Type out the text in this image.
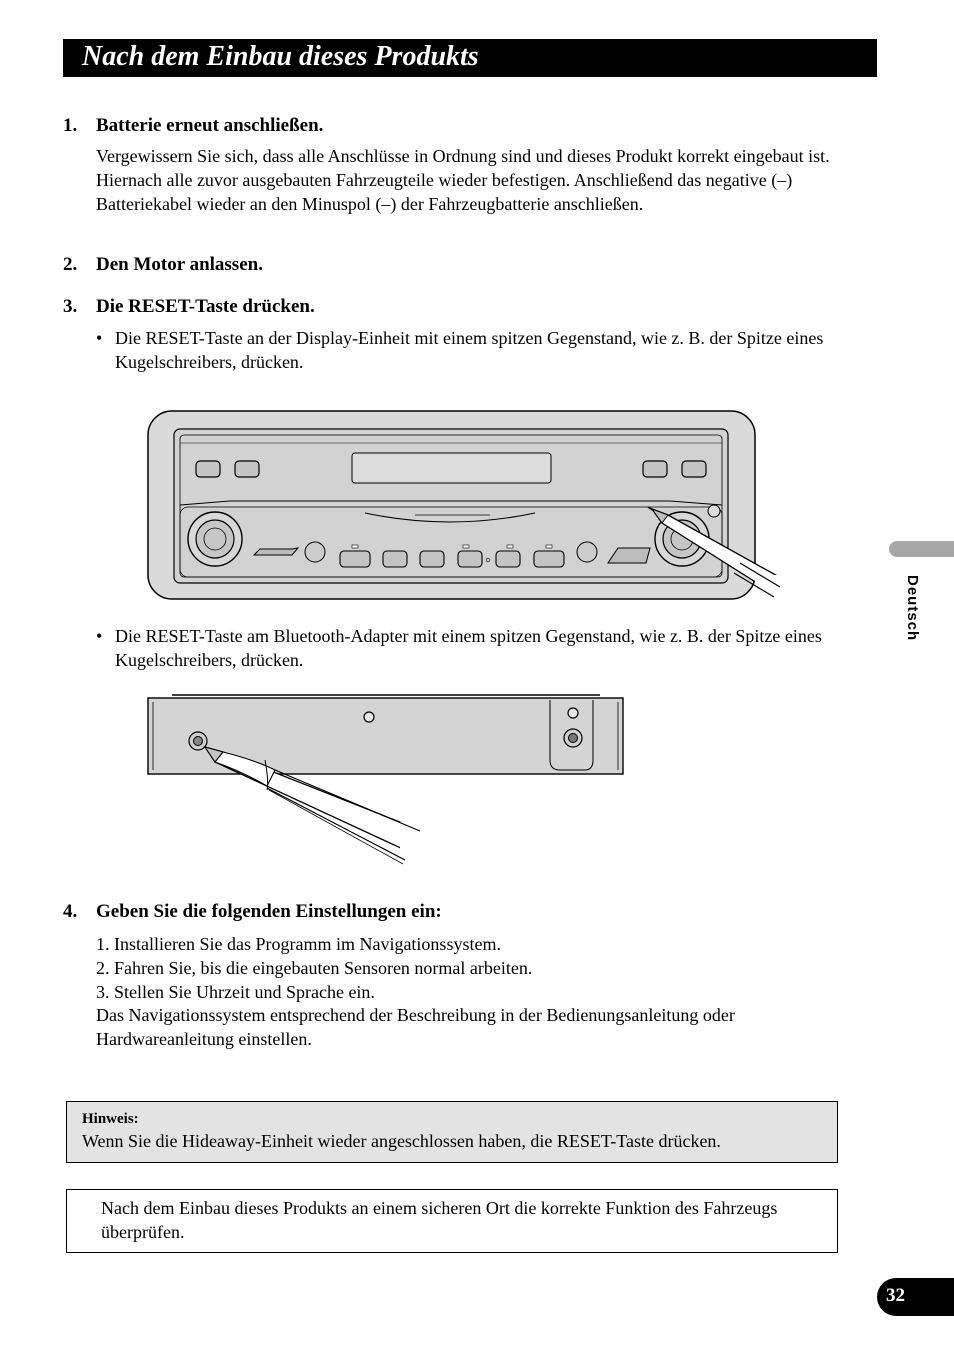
Nach dem Einbau dieses Produkts
1. Batterie erneut anschließen.
Vergewissern Sie sich, dass alle Anschlüsse in Ordnung sind und dieses Produkt korrekt eingebaut ist. Hiernach alle zuvor ausgebauten Fahrzeugteile wieder befestigen. Anschließend das negative (–) Batteriekabel wieder an den Minuspol (–) der Fahrzeugbatterie anschließen.
2. Den Motor anlassen.
3. Die RESET-Taste drücken.
• Die RESET-Taste an der Display-Einheit mit einem spitzen Gegenstand, wie z. B. der Spitze eines Kugelschreibers, drücken.
• Die RESET-Taste am Bluetooth-Adapter mit einem spitzen Gegenstand, wie z. B. der Spitze eines Kugelschreibers, drücken.
4. Geben Sie die folgenden Einstellungen ein:
1. Installieren Sie das Programm im Navigationssystem.
2. Fahren Sie, bis die eingebauten Sensoren normal arbeiten.
3. Stellen Sie Uhrzeit und Sprache ein.
Das Navigationssystem entsprechend der Beschreibung in der Bedienungsanleitung oder Hardwareanleitung einstellen.
Hinweis:
Wenn Sie die Hideaway-Einheit wieder angeschlossen haben, die RESET-Taste drücken.
Nach dem Einbau dieses Produkts an einem sicheren Ort die korrekte Funktion des Fahrzeugs überprüfen.
Deutsch
32
